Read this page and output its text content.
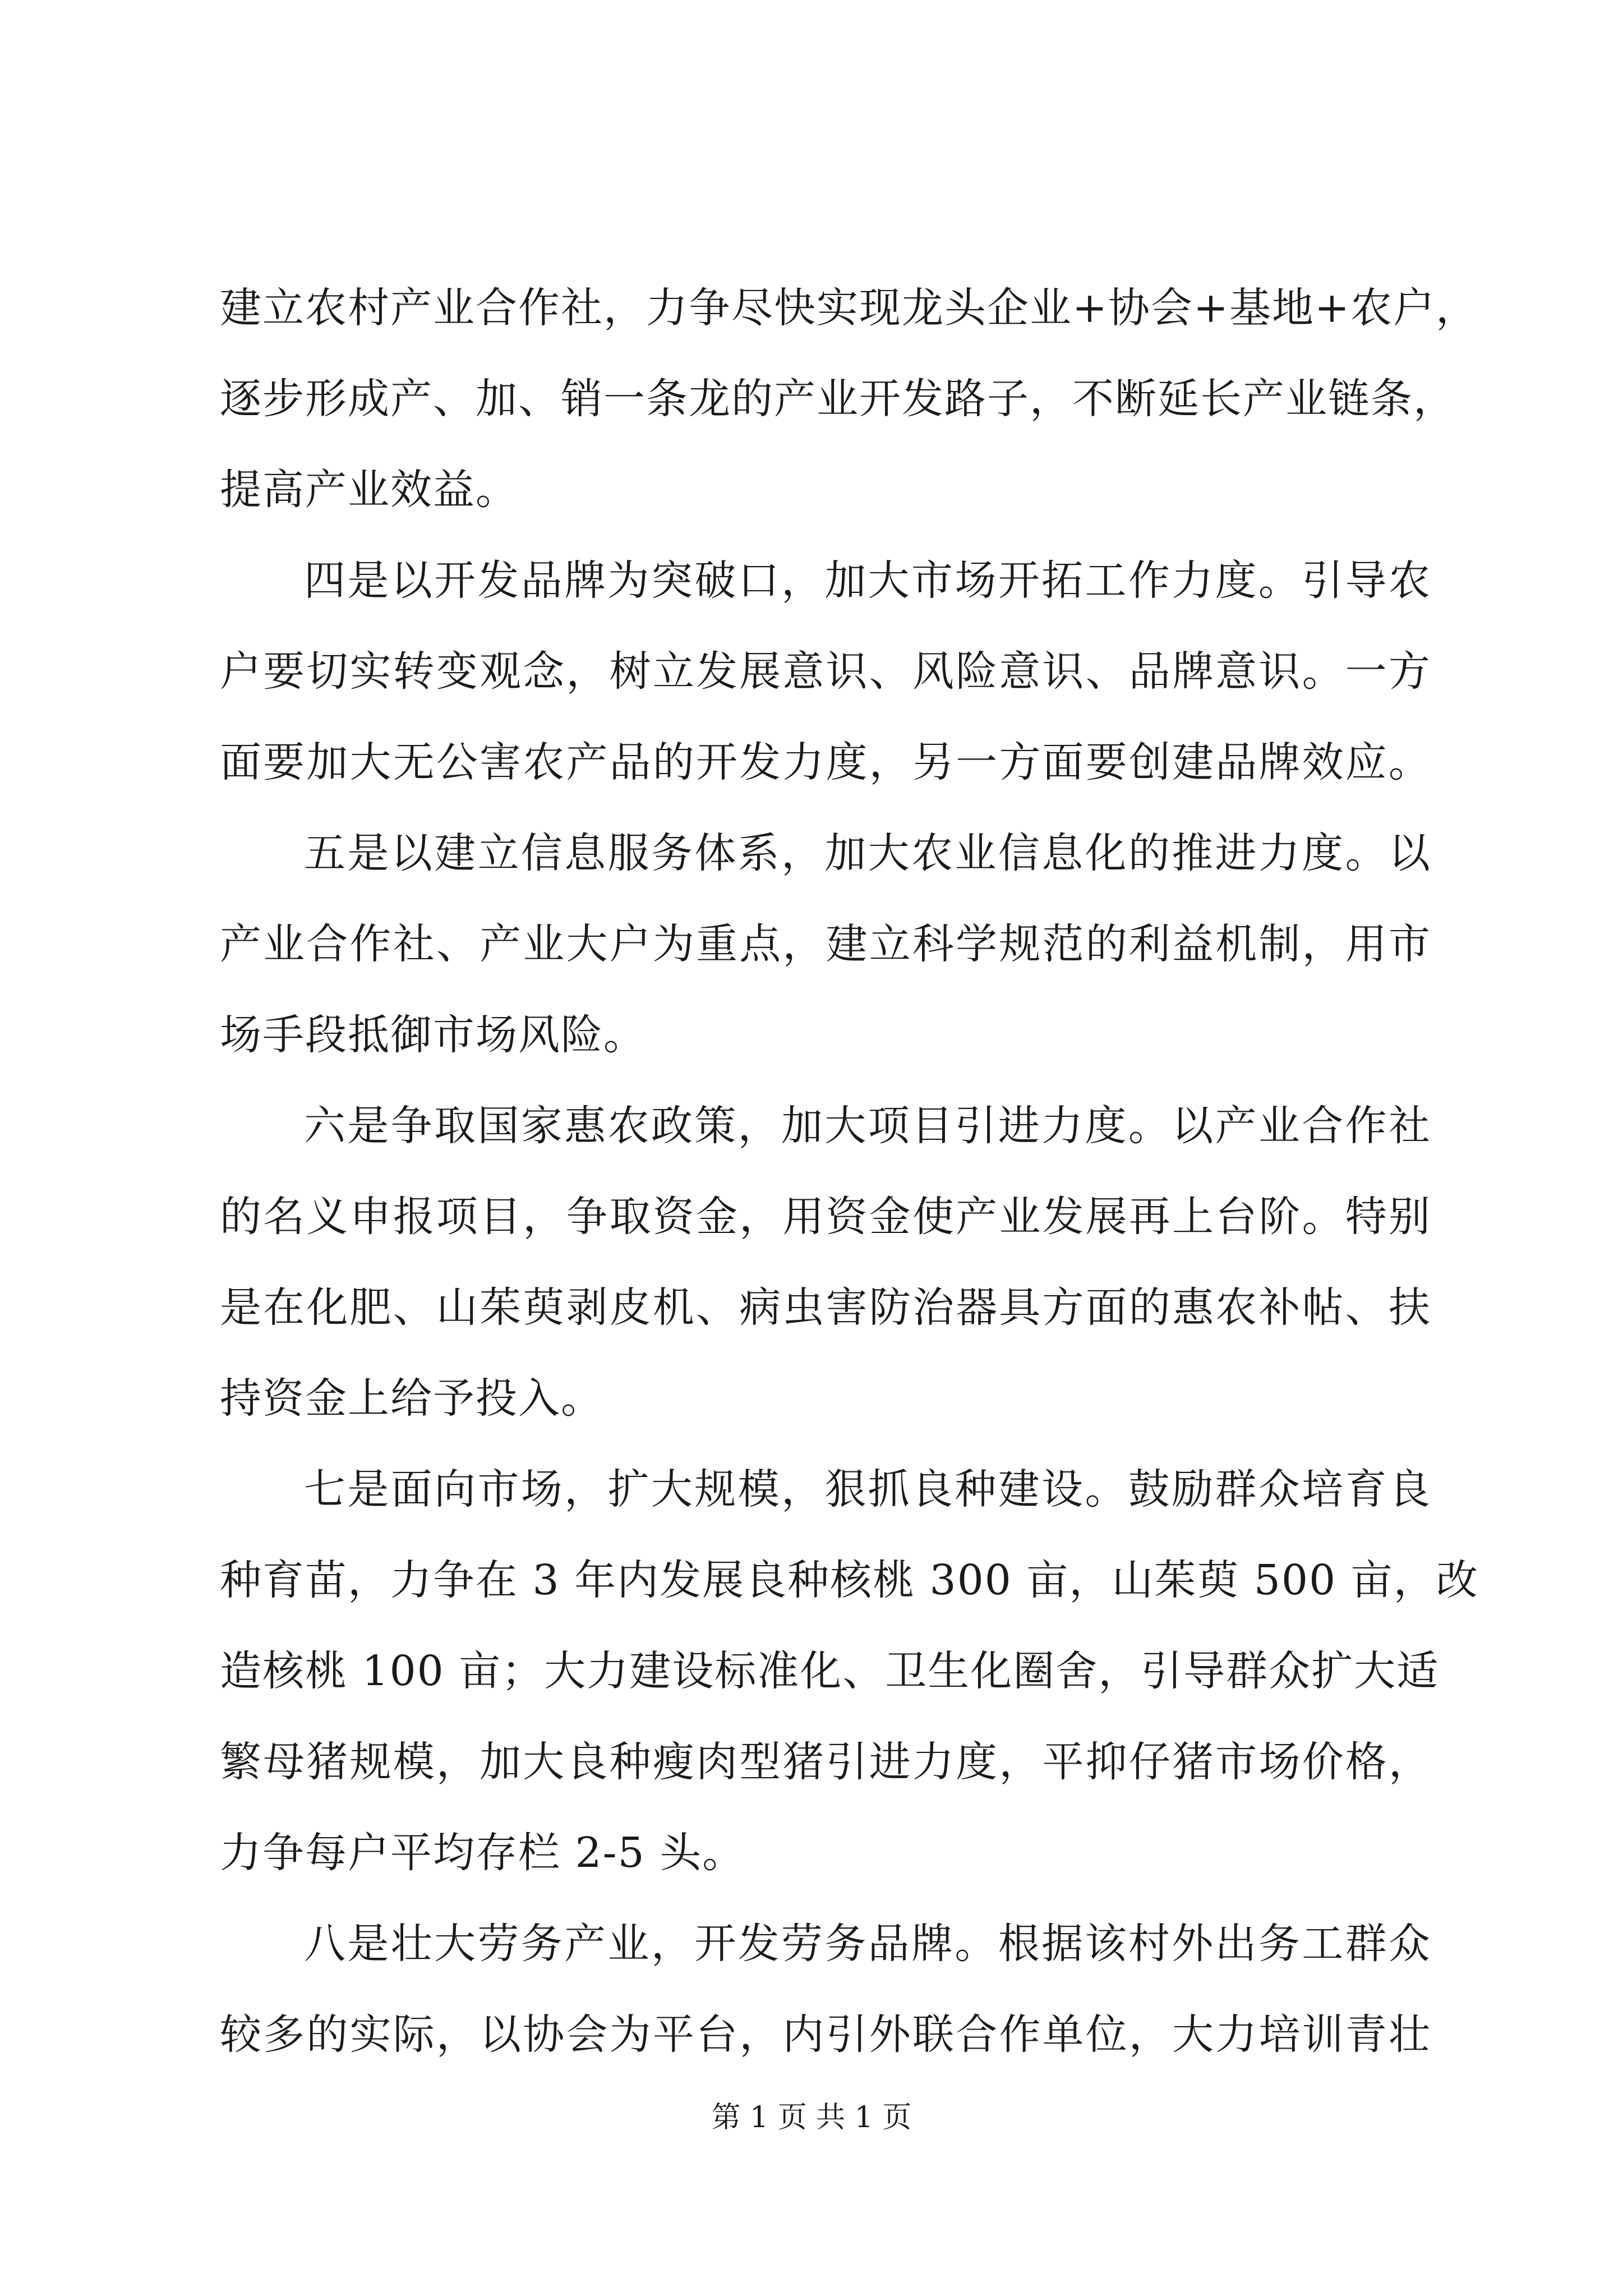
建立农村产业合作社，力争尽快实现龙头企业+协会+基地+农户，
逐步形成产、加、销一条龙的产业开发路子，不断延长产业链条，
提高产业效益。
四是以开发品牌为突破口，加大市场开拓工作力度。引导农
户要切实转变观念，树立发展意识、风险意识、品牌意识。一方
面要加大无公害农产品的开发力度，另一方面要创建品牌效应。
五是以建立信息服务体系，加大农业信息化的推进力度。以
产业合作社、产业大户为重点，建立科学规范的利益机制，用市
场手段抵御市场风险。
六是争取国家惠农政策，加大项目引进力度。以产业合作社
的名义申报项目，争取资金，用资金使产业发展再上台阶。特别
是在化肥、山茱萸剥皮机、病虫害防治器具方面的惠农补帖、扶
持资金上给予投入。
七是面向市场，扩大规模，狠抓良种建设。鼓励群众培育良
种育苗，力争在 3 年内发展良种核桃 300 亩，山茱萸 500 亩，改
造核桃 100 亩；大力建设标准化、卫生化圈舍，引导群众扩大适
繁母猪规模，加大良种瘦肉型猪引进力度，平抑仔猪市场价格，
力争每户平均存栏 2-5 头。
八是壮大劳务产业，开发劳务品牌。根据该村外出务工群众
较多的实际，以协会为平台，内引外联合作单位，大力培训青壮
第 1 页 共 1 页
